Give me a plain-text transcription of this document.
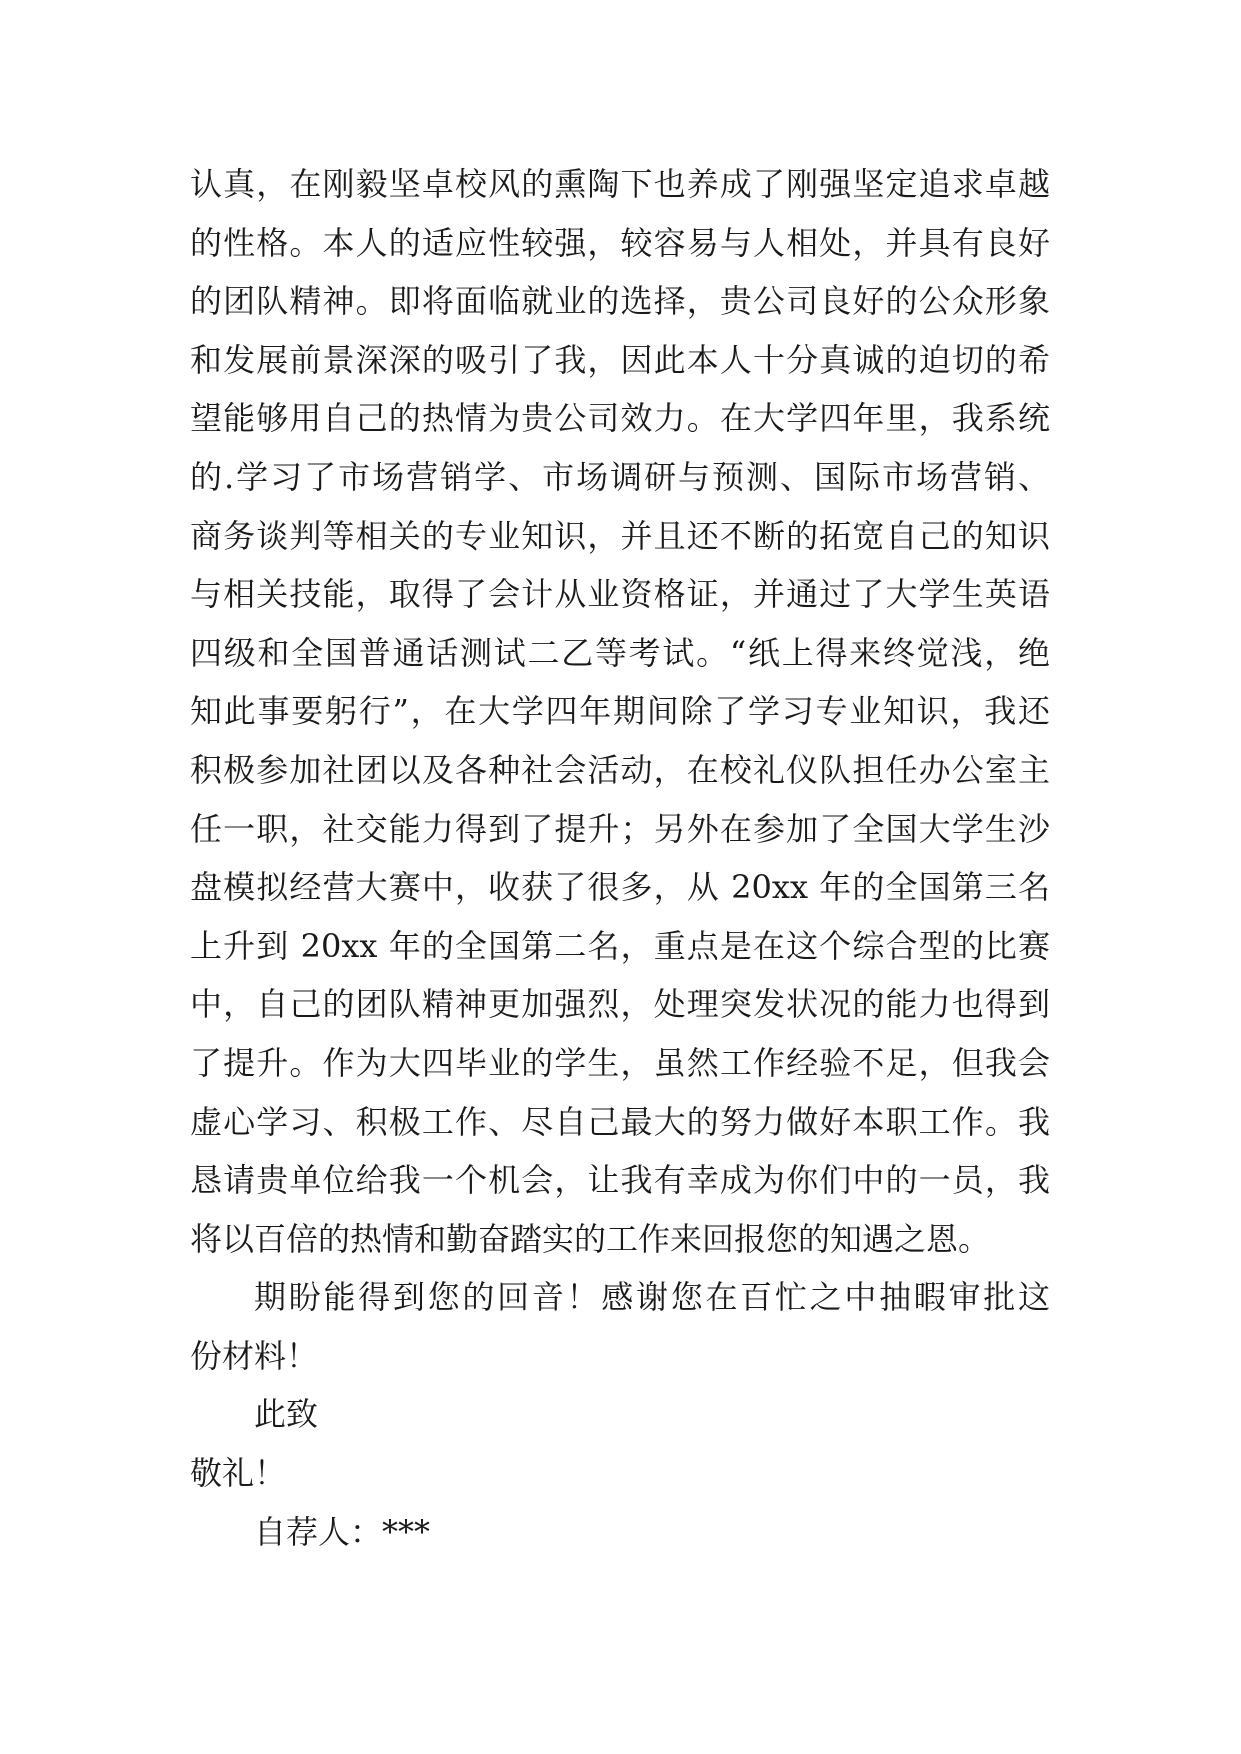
认真，在刚毅坚卓校风的熏陶下也养成了刚强坚定追求卓越
的性格。本人的适应性较强，较容易与人相处，并具有良好
的团队精神。即将面临就业的选择，贵公司良好的公众形象
和发展前景深深的吸引了我，因此本人十分真诚的迫切的希
望能够用自己的热情为贵公司效力。在大学四年里，我系统
的.学习了市场营销学、市场调研与预测、国际市场营销、
商务谈判等相关的专业知识，并且还不断的拓宽自己的知识
与相关技能，取得了会计从业资格证，并通过了大学生英语
四级和全国普通话测试二乙等考试。“纸上得来终觉浅，绝
知此事要躬行”，在大学四年期间除了学习专业知识，我还
积极参加社团以及各种社会活动，在校礼仪队担任办公室主
任一职，社交能力得到了提升；另外在参加了全国大学生沙
盘模拟经营大赛中，收获了很多，从 20xx 年的全国第三名
上升到 20xx 年的全国第二名，重点是在这个综合型的比赛
中，自己的团队精神更加强烈，处理突发状况的能力也得到
了提升。作为大四毕业的学生，虽然工作经验不足，但我会
虚心学习、积极工作、尽自己最大的努力做好本职工作。我
恳请贵单位给我一个机会，让我有幸成为你们中的一员，我
将以百倍的热情和勤奋踏实的工作来回报您的知遇之恩。
期盼能得到您的回音！感谢您在百忙之中抽暇审批这
份材料！
此致
敬礼！
自荐人：***
